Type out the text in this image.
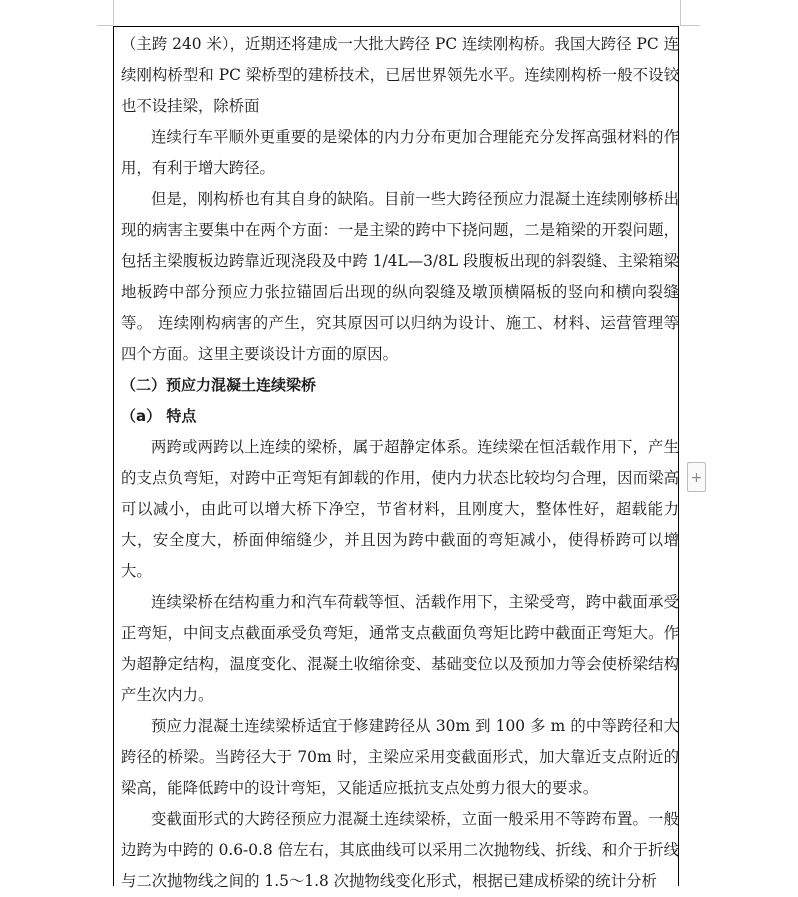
（主跨 240 米），近期还将建成一大批大跨径 PC 连续刚构桥。我国大跨径 PC 连续刚构桥型和 PC 梁桥型的建桥技术，已居世界领先水平。连续刚构桥一般不设铰也不设挂梁，除桥面

连续行车平顺外更重要的是梁体的内力分布更加合理能充分发挥高强材料的作用，有利于增大跨径。

但是，刚构桥也有其自身的缺陷。目前一些大跨径预应力混凝土连续刚够桥出现的病害主要集中在两个方面：一是主梁的跨中下挠问题，二是箱梁的开裂问题，包括主梁腹板边跨靠近现浇段及中跨 1/4L—3/8L 段腹板出现的斜裂缝、主梁箱梁地板跨中部分预应力张拉锚固后出现的纵向裂缝及墩顶横隔板的竖向和横向裂缝等。 连续刚构病害的产生，究其原因可以归纳为设计、施工、材料、运营管理等四个方面。这里主要谈设计方面的原因。

（二）预应力混凝土连续梁桥

（a） 特点

两跨或两跨以上连续的梁桥，属于超静定体系。连续梁在恒活载作用下，产生的支点负弯矩，对跨中正弯矩有卸载的作用，使内力状态比较均匀合理，因而梁高可以减小，由此可以增大桥下净空，节省材料，且刚度大，整体性好，超载能力大，安全度大，桥面伸缩缝少，并且因为跨中截面的弯矩减小，使得桥跨可以增大。

连续梁桥在结构重力和汽车荷载等恒、活载作用下，主梁受弯，跨中截面承受正弯矩，中间支点截面承受负弯矩，通常支点截面负弯矩比跨中截面正弯矩大。作为超静定结构，温度变化、混凝土收缩徐变、基础变位以及预加力等会使桥梁结构产生次内力。

预应力混凝土连续梁桥适宜于修建跨径从 30m 到 100 多 m 的中等跨径和大跨径的桥梁。当跨径大于 70m 时，主梁应采用变截面形式，加大靠近支点附近的梁高，能降低跨中的设计弯矩，又能适应抵抗支点处剪力很大的要求。

变截面形式的大跨径预应力混凝土连续梁桥，立面一般采用不等跨布置。一般边跨为中跨的 0.6-0.8 倍左右，其底曲线可以采用二次抛物线、折线、和介于折线与二次抛物线之间的 1.5～1.8 次抛物线变化形式，根据已建成桥梁的统计分析

+
